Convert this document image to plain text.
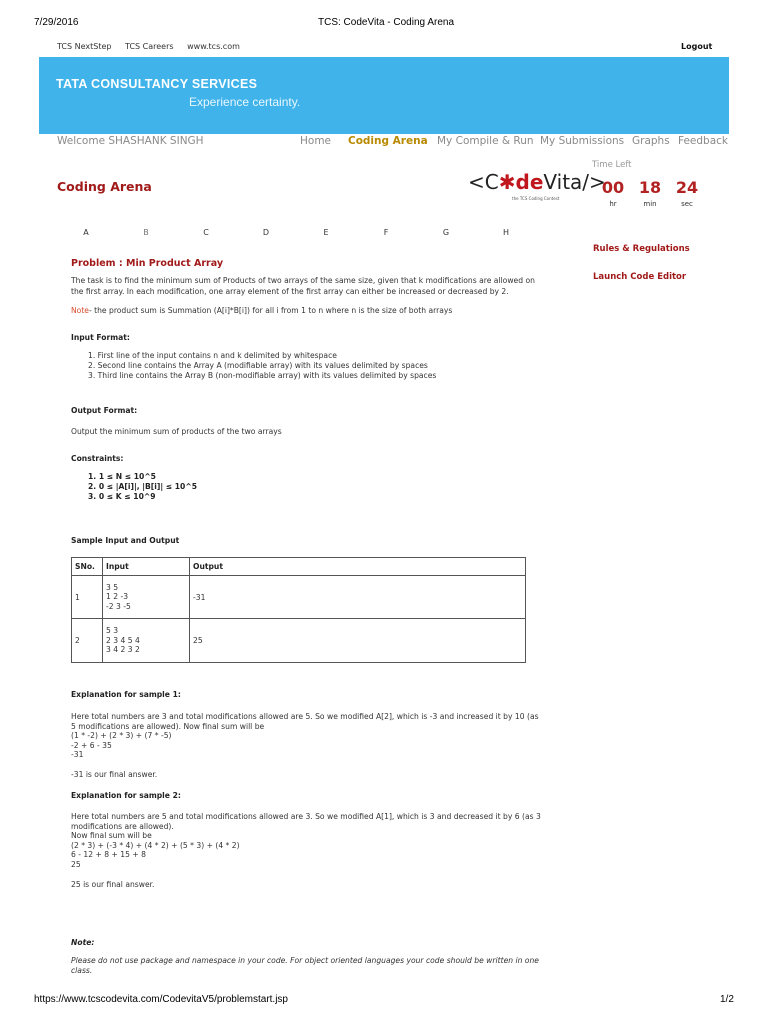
7/29/2016	TCS: CodeVita - Coding Arena
TCS NextStep TCS Careers www.tcs.com	Logout
TATA CONSULTANCY SERVICES
Experience certainty.
Welcome SHASHANK SINGH	Home Coding Arena My Compile & Run My Submissions Graphs Feedback
Time Left
00 18 24
hr	min	sec
Coding Arena	<C✱deVita/>
the TCS Coding Contest
A	B	C	D	E	F	G	H
Rules & Regulations
Launch Code Editor
Problem : Min Product Array
The task is to find the minimum sum of Products of two arrays of the same size, given that k modifications are allowed on
the first array. In each modification, one array element of the first array can either be increased or decreased by 2.
Note- the product sum is Summation (A[i]*B[i]) for all i from 1 to n where n is the size of both arrays
Input Format:
1. First line of the input contains n and k delimited by whitespace
2. Second line contains the Array A (modifiable array) with its values delimited by spaces
3. Third line contains the Array B (non-modifiable array) with its values delimited by spaces
Output Format:
Output the minimum sum of products of the two arrays
Constraints:
1. 1 ≤ N ≤ 10^5
2. 0 ≤ |A[i]|, |B[i]| ≤ 10^5
3. 0 ≤ K ≤ 10^9
Sample Input and Output
SNo.	Input	Output
1	3 5
1 2 -3
-2 3 -5	-31
2	5 3
2 3 4 5 4
3 4 2 3 2	25
Explanation for sample 1:
Here total numbers are 3 and total modifications allowed are 5. So we modified A[2], which is -3 and increased it by 10 (as
5 modifications are allowed). Now final sum will be
(1 * -2) + (2 * 3) + (7 * -5)
-2 + 6 - 35
-31
-31 is our final answer.
Explanation for sample 2:
Here total numbers are 5 and total modifications allowed are 3. So we modified A[1], which is 3 and decreased it by 6 (as 3
modifications are allowed).
Now final sum will be
(2 * 3) + (-3 * 4) + (4 * 2) + (5 * 3) + (4 * 2)
6 - 12 + 8 + 15 + 8
25
25 is our final answer.
Note:
Please do not use package and namespace in your code. For object oriented languages your code should be written in one
class.
https://www.tcscodevita.com/CodevitaV5/problemstart.jsp	1/2
